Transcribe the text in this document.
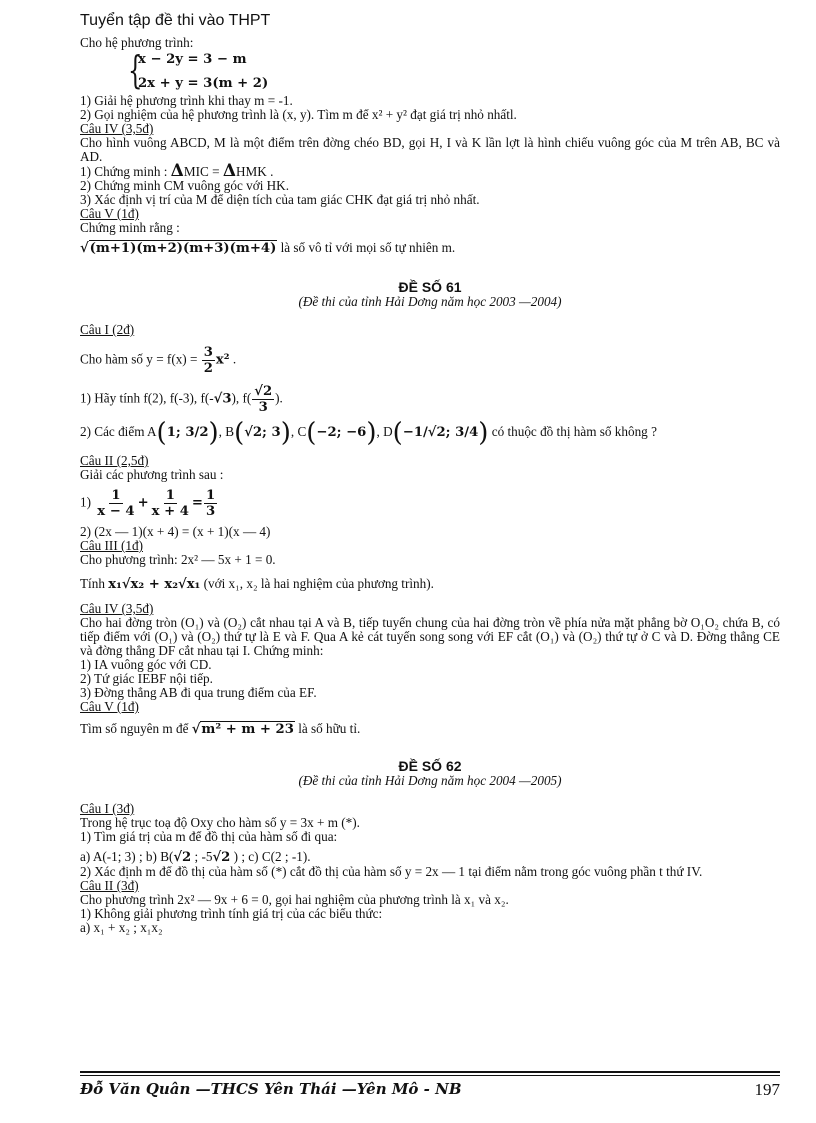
Tuyển tập đề thi vào THPT
Cho hệ phương trình:
{
x − 2y = 3 − m
2x + y = 3(m + 2)
1) Giải hệ phương trình khi thay m = -1.
2) Gọi nghiệm của hệ phương trình là (x, y). Tìm m để x² + y² đạt giá trị nhỏ nhấtl.
Câu IV (3,5đ)
Cho hình vuông ABCD, M là một điểm trên đờng chéo BD, gọi H, I và K lần lợt là hình chiếu vuông góc của M trên AB, BC và AD.
1) Chứng minh : ΔMIC = ΔHMK .
2) Chứng minh CM vuông góc với HK.
3) Xác định vị trí của M để diện tích của tam giác CHK đạt giá trị nhỏ nhất.
Câu V (1đ)
Chứng minh rằng :
√(m+1)(m+2)(m+3)(m+4) là số vô tỉ với mọi số tự nhiên m.
ĐỀ SỐ 61
(Đề thi của tỉnh Hải Dơng năm học 2003 —2004)
Câu I (2đ)
Cho hàm số $y = f(x) = \frac{3}{2} x^2$ .
1) Hãy tính f(2), f(-3), f(-√3), $f( \frac{√2}{3}$ ).
2) Các điểm A(1; 3/2), B(√2; 3), C(−2; −6), D(−1/√2; 3/4) có thuộc đồ thị hàm số không ?
Câu II (2,5đ)
Giải các phương trình sau :
$1) \frac{1}{x - 4} + \frac{1}{x + 4} = \frac{1}{3}$
2) (2x — 1)(x + 4) = (x + 1)(x — 4)
Câu III (1đ)
Cho phương trình: 2x² — 5x + 1 = 0.
Tính x₁√x₂ + x₂√x₁ (với x₁, x₂ là hai nghiệm của phương trình).
Câu IV (3,5đ)
Cho hai đờng tròn (O₁) và (O₂) cắt nhau tại A và B, tiếp tuyến chung của hai đờng tròn về phía nửa mặt phẳng bờ O₁O₂ chứa B, có tiếp điểm với (O₁) và (O₂) thứ tự là E và F. Qua A kẻ cát tuyến song song với EF cắt (O₁) và (O₂) thứ tự ở C và D. Đờng thẳng CE và đờng thẳng DF cắt nhau tại I. Chứng minh:
1) IA vuông góc với CD.
2) Tứ giác IEBF nội tiếp.
3) Đờng thẳng AB đi qua trung điểm của EF.
Câu V (1đ)
Tìm số nguyên m để √m² + m + 23 là số hữu tỉ.
ĐỀ SỐ 62
(Đề thi của tỉnh Hải Dơng năm học 2004 —2005)
Câu I (3đ)
Trong hệ trục toạ độ Oxy cho hàm số y = 3x + m (*).
1) Tìm giá trị của m để đồ thị của hàm số đi qua:
a) A(-1; 3) ; b) B(√2 ; -5√2 ) ; c) C(2 ; -1).
2) Xác định m để đồ thị của hàm số (*) cắt đồ thị của hàm số y = 2x — 1 tại điểm nằm trong góc vuông phần t thứ IV.
Câu II (3đ)
Cho phương trình 2x² — 9x + 6 = 0, gọi hai nghiệm của phương trình là x₁ và x₂.
1) Không giải phương trình tính giá trị của các biểu thức:
a) x₁ + x₂ ; x₁x₂
Đỗ Văn Quân —THCS Yên Thái —Yên Mô - NB	197
